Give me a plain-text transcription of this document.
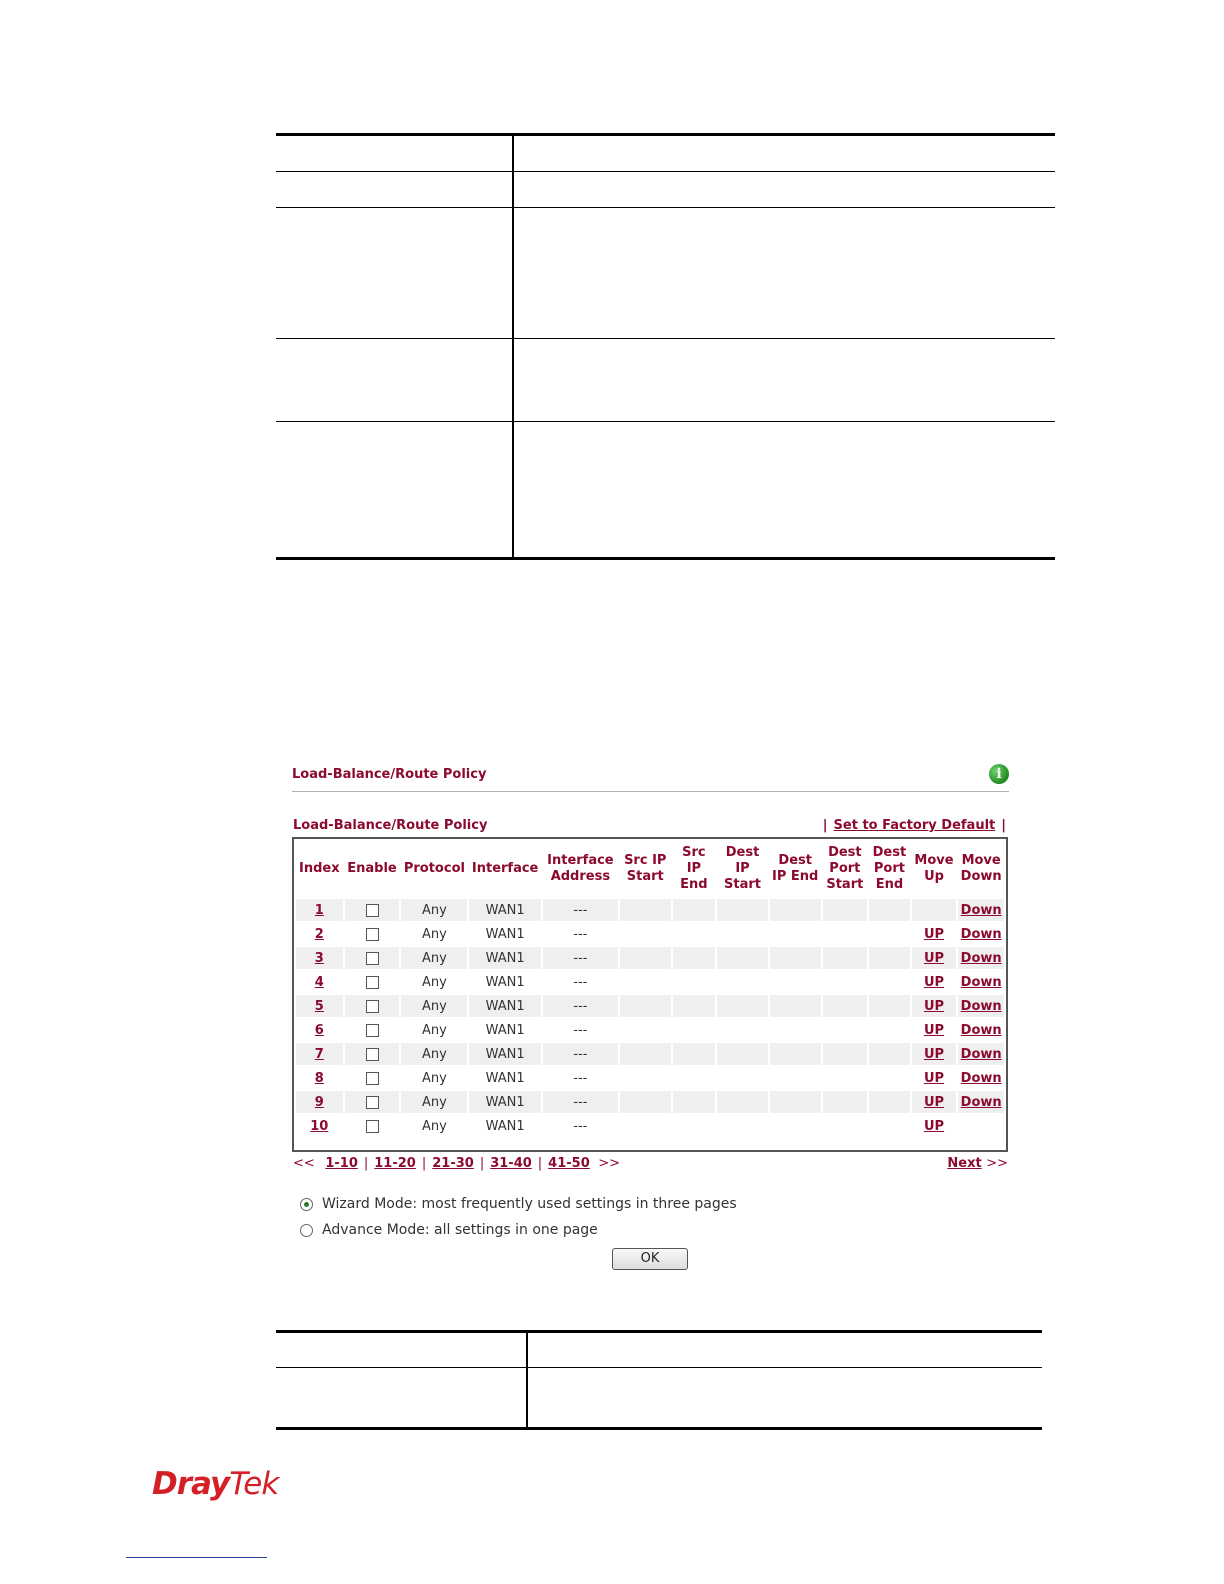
Load-Balance/Route Policy	i
Load-Balance/Route Policy	| Set to Factory Default |
Index	Enable	Protocol	Interface	Interface Address	Src IP Start	Src IP End	Dest IP Start	Dest IP End	Dest Port Start	Dest Port End	Move Up	Move Down
1		Any	WAN1	---								Down
2		Any	WAN1	---							UP	Down
3		Any	WAN1	---							UP	Down
4		Any	WAN1	---							UP	Down
5		Any	WAN1	---							UP	Down
6		Any	WAN1	---							UP	Down
7		Any	WAN1	---							UP	Down
8		Any	WAN1	---							UP	Down
9		Any	WAN1	---							UP	Down
10		Any	WAN1	---							UP	
<< 1-10 | 11-20 | 21-30 | 31-40 | 41-50 >>	Next >>
Wizard Mode: most frequently used settings in three pages
Advance Mode: all settings in one page
OK
DrayTek
